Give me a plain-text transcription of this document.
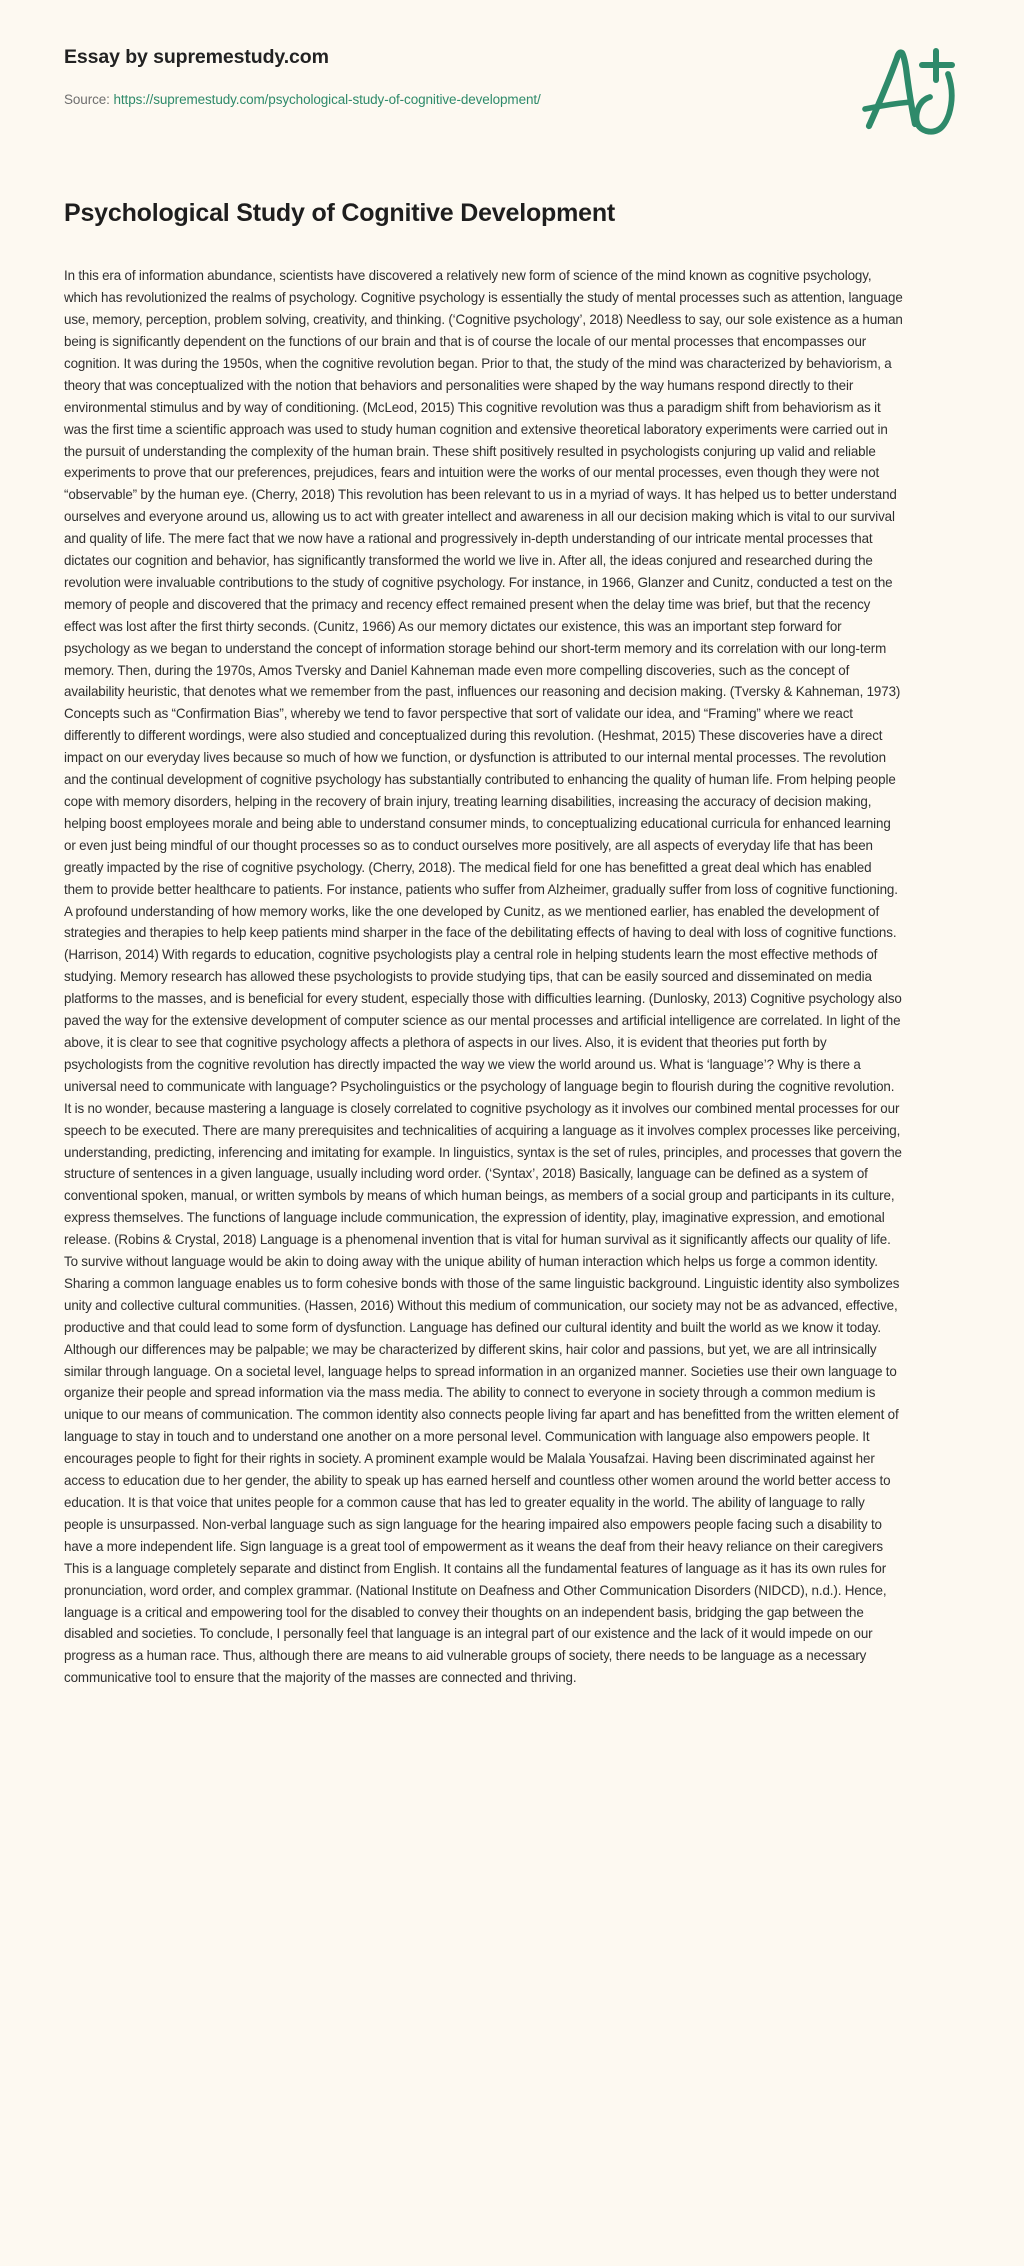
Essay by supremestudy.com
Source: https://supremestudy.com/psychological-study-of-cognitive-development/
Psychological Study of Cognitive Development

In this era of information abundance, scientists have discovered a relatively new form of science of the mind known as cognitive psychology, which has revolutionized the realms of psychology. Cognitive psychology is essentially the study of mental processes such as attention, language use, memory, perception, problem solving, creativity, and thinking. (‘Cognitive psychology’, 2018) Needless to say, our sole existence as a human being is significantly dependent on the functions of our brain and that is of course the locale of our mental processes that encompasses our cognition. It was during the 1950s, when the cognitive revolution began. Prior to that, the study of the mind was characterized by behaviorism, a theory that was conceptualized with the notion that behaviors and personalities were shaped by the way humans respond directly to their environmental stimulus and by way of conditioning. (McLeod, 2015) This cognitive revolution was thus a paradigm shift from behaviorism as it was the first time a scientific approach was used to study human cognition and extensive theoretical laboratory experiments were carried out in the pursuit of understanding the complexity of the human brain. These shift positively resulted in psychologists conjuring up valid and reliable experiments to prove that our preferences, prejudices, fears and intuition were the works of our mental processes, even though they were not “observable” by the human eye. (Cherry, 2018) This revolution has been relevant to us in a myriad of ways. It has helped us to better understand ourselves and everyone around us, allowing us to act with greater intellect and awareness in all our decision making which is vital to our survival and quality of life. The mere fact that we now have a rational and progressively in-depth understanding of our intricate mental processes that dictates our cognition and behavior, has significantly transformed the world we live in. After all, the ideas conjured and researched during the revolution were invaluable contributions to the study of cognitive psychology. For instance, in 1966, Glanzer and Cunitz, conducted a test on the memory of people and discovered that the primacy and recency effect remained present when the delay time was brief, but that the recency effect was lost after the first thirty seconds. (Cunitz, 1966) As our memory dictates our existence, this was an important step forward for psychology as we began to understand the concept of information storage behind our short-term memory and its correlation with our long-term memory. Then, during the 1970s, Amos Tversky and Daniel Kahneman made even more compelling discoveries, such as the concept of availability heuristic, that denotes what we remember from the past, influences our reasoning and decision making. (Tversky & Kahneman, 1973) Concepts such as “Confirmation Bias”, whereby we tend to favor perspective that sort of validate our idea, and “Framing” where we react differently to different wordings, were also studied and conceptualized during this revolution. (Heshmat, 2015) These discoveries have a direct impact on our everyday lives because so much of how we function, or dysfunction is attributed to our internal mental processes. The revolution and the continual development of cognitive psychology has substantially contributed to enhancing the quality of human life. From helping people cope with memory disorders, helping in the recovery of brain injury, treating learning disabilities, increasing the accuracy of decision making, helping boost employees morale and being able to understand consumer minds, to conceptualizing educational curricula for enhanced learning or even just being mindful of our thought processes so as to conduct ourselves more positively, are all aspects of everyday life that has been greatly impacted by the rise of cognitive psychology. (Cherry, 2018). The medical field for one has benefitted a great deal which has enabled them to provide better healthcare to patients. For instance, patients who suffer from Alzheimer, gradually suffer from loss of cognitive functioning. A profound understanding of how memory works, like the one developed by Cunitz, as we mentioned earlier, has enabled the development of strategies and therapies to help keep patients mind sharper in the face of the debilitating effects of having to deal with loss of cognitive functions. (Harrison, 2014) With regards to education, cognitive psychologists play a central role in helping students learn the most effective methods of studying. Memory research has allowed these psychologists to provide studying tips, that can be easily sourced and disseminated on media platforms to the masses, and is beneficial for every student, especially those with difficulties learning. (Dunlosky, 2013) Cognitive psychology also paved the way for the extensive development of computer science as our mental processes and artificial intelligence are correlated. In light of the above, it is clear to see that cognitive psychology affects a plethora of aspects in our lives. Also, it is evident that theories put forth by psychologists from the cognitive revolution has directly impacted the way we view the world around us. What is ‘language’? Why is there a universal need to communicate with language? Psycholinguistics or the psychology of language begin to flourish during the cognitive revolution. It is no wonder, because mastering a language is closely correlated to cognitive psychology as it involves our combined mental processes for our speech to be executed. There are many prerequisites and technicalities of acquiring a language as it involves complex processes like perceiving, understanding, predicting, inferencing and imitating for example. In linguistics, syntax is the set of rules, principles, and processes that govern the structure of sentences in a given language, usually including word order. (‘Syntax’, 2018) Basically, language can be defined as a system of conventional spoken, manual, or written symbols by means of which human beings, as members of a social group and participants in its culture, express themselves. The functions of language include communication, the expression of identity, play, imaginative expression, and emotional release. (Robins & Crystal, 2018) Language is a phenomenal invention that is vital for human survival as it significantly affects our quality of life. To survive without language would be akin to doing away with the unique ability of human interaction which helps us forge a common identity. Sharing a common language enables us to form cohesive bonds with those of the same linguistic background. Linguistic identity also symbolizes unity and collective cultural communities. (Hassen, 2016) Without this medium of communication, our society may not be as advanced, effective, productive and that could lead to some form of dysfunction. Language has defined our cultural identity and built the world as we know it today. Although our differences may be palpable; we may be characterized by different skins, hair color and passions, but yet, we are all intrinsically similar through language. On a societal level, language helps to spread information in an organized manner. Societies use their own language to organize their people and spread information via the mass media. The ability to connect to everyone in society through a common medium is unique to our means of communication. The common identity also connects people living far apart and has benefitted from the written element of language to stay in touch and to understand one another on a more personal level. Communication with language also empowers people. It encourages people to fight for their rights in society. A prominent example would be Malala Yousafzai. Having been discriminated against her access to education due to her gender, the ability to speak up has earned herself and countless other women around the world better access to education. It is that voice that unites people for a common cause that has led to greater equality in the world. The ability of language to rally people is unsurpassed. Non-verbal language such as sign language for the hearing impaired also empowers people facing such a disability to have a more independent life. Sign language is a great tool of empowerment as it weans the deaf from their heavy reliance on their caregivers This is a language completely separate and distinct from English. It contains all the fundamental features of language as it has its own rules for pronunciation, word order, and complex grammar. (National Institute on Deafness and Other Communication Disorders (NIDCD), n.d.). Hence, language is a critical and empowering tool for the disabled to convey their thoughts on an independent basis, bridging the gap between the disabled and societies. To conclude, I personally feel that language is an integral part of our existence and the lack of it would impede on our progress as a human race. Thus, although there are means to aid vulnerable groups of society, there needs to be language as a necessary communicative tool to ensure that the majority of the masses are connected and thriving.
